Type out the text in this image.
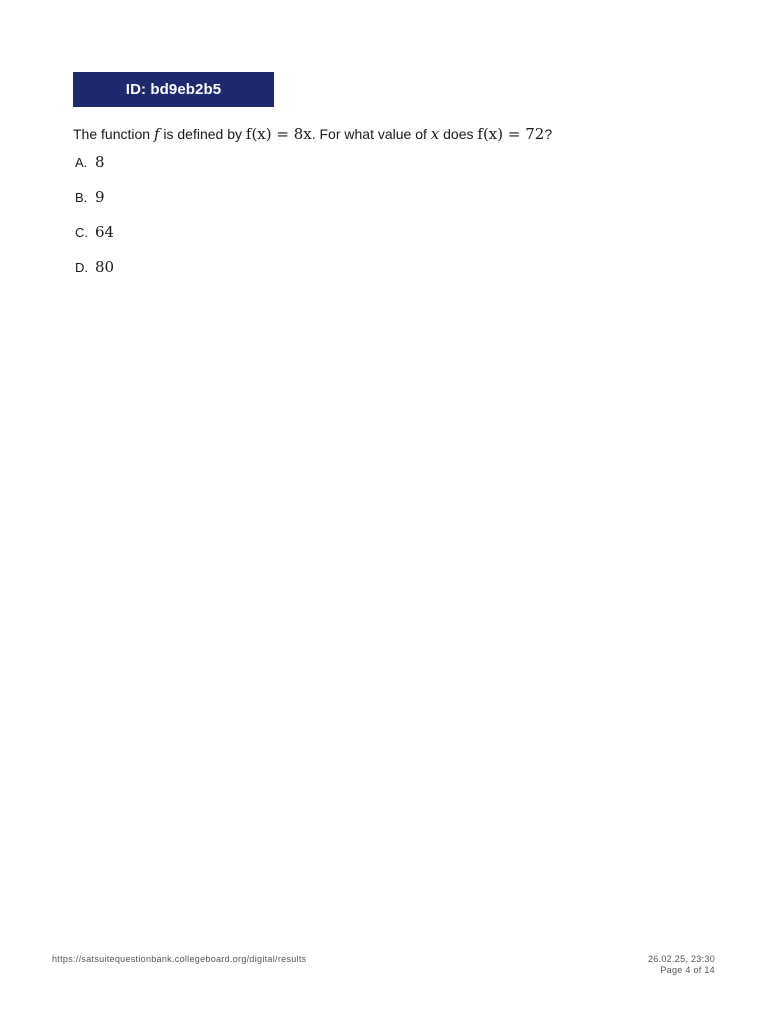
ID: bd9eb2b5
The function f is defined by f(x) = 8x. For what value of x does f(x) = 72?
A. 8
B. 9
C. 64
D. 80
https://satsuitequestionbank.collegeboard.org/digital/results	26.02.25, 23:30
Page 4 of 14
